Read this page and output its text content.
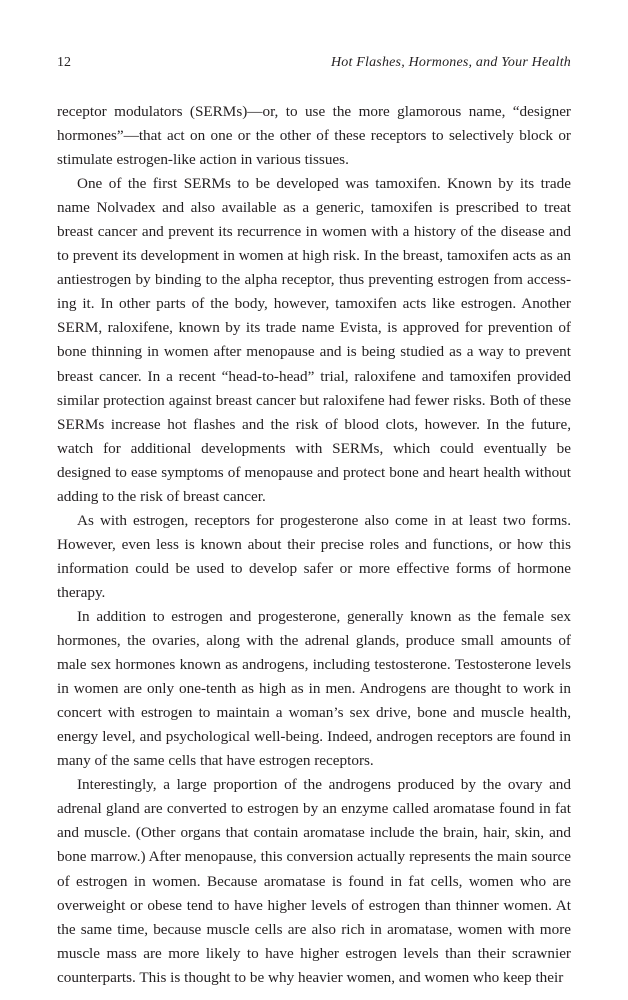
12	Hot Flashes, Hormones, and Your Health

receptor modulators (SERMs)—or, to use the more glamorous name, “designer hormones”—that act on one or the other of these receptors to selectively block or stimulate estrogen-like action in various tissues.

One of the first SERMs to be developed was tamoxifen. Known by its trade name Nolvadex and also available as a generic, tamoxifen is prescribed to treat breast cancer and prevent its recurrence in women with a history of the disease and to prevent its development in women at high risk. In the breast, tamoxifen acts as an antiestrogen by binding to the alpha receptor, thus preventing estrogen from accessing it. In other parts of the body, however, tamoxifen acts like estrogen. Another SERM, raloxifene, known by its trade name Evista, is approved for prevention of bone thinning in women after menopause and is being studied as a way to prevent breast cancer. In a recent “head-to-head” trial, raloxifene and tamoxifen provided similar protection against breast cancer but raloxifene had fewer risks. Both of these SERMs increase hot flashes and the risk of blood clots, however. In the future, watch for additional developments with SERMs, which could eventually be designed to ease symptoms of menopause and protect bone and heart health without adding to the risk of breast cancer.

As with estrogen, receptors for progesterone also come in at least two forms. However, even less is known about their precise roles and functions, or how this information could be used to develop safer or more effective forms of hormone therapy.

In addition to estrogen and progesterone, generally known as the female sex hormones, the ovaries, along with the adrenal glands, produce small amounts of male sex hormones known as androgens, including testosterone. Testosterone levels in women are only one-tenth as high as in men. Androgens are thought to work in concert with estrogen to maintain a woman’s sex drive, bone and muscle health, energy level, and psychological well-being. Indeed, androgen receptors are found in many of the same cells that have estrogen receptors.

Interestingly, a large proportion of the androgens produced by the ovary and adrenal gland are converted to estrogen by an enzyme called aromatase found in fat and muscle. (Other organs that contain aromatase include the brain, hair, skin, and bone marrow.) After menopause, this conversion actually represents the main source of estrogen in women. Because aromatase is found in fat cells, women who are overweight or obese tend to have higher levels of estrogen than thinner women. At the same time, because muscle cells are also rich in aromatase, women with more muscle mass are more likely to have higher estrogen levels than their scrawnier counterparts. This is thought to be why heavier women, and women who keep their
